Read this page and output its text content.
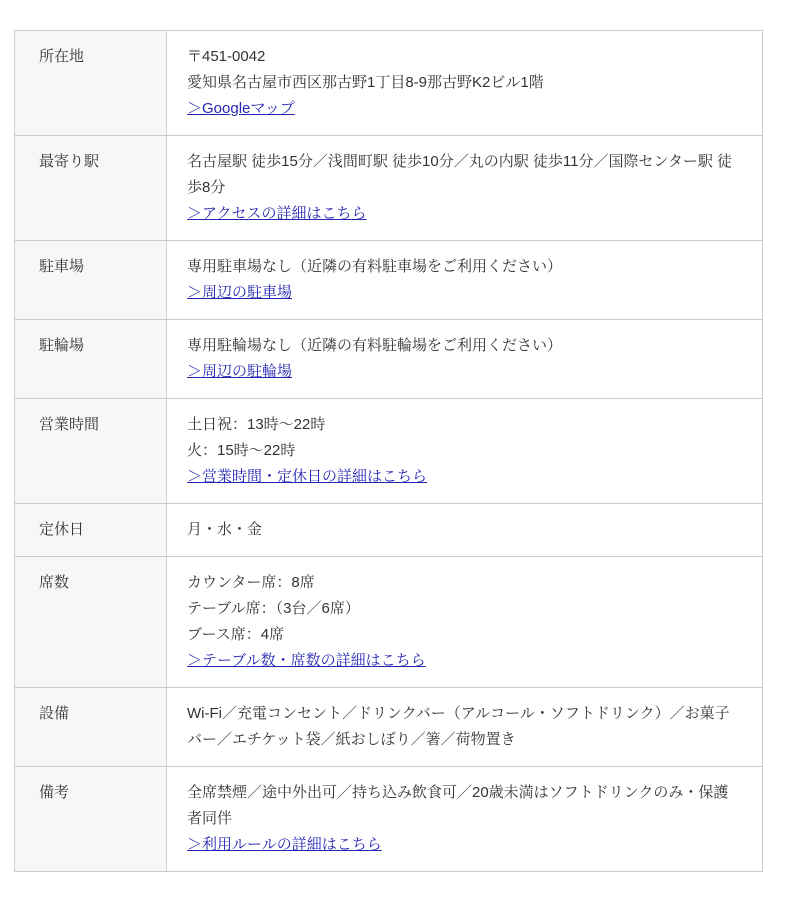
所在地	〒451-0042
愛知県名古屋市西区那古野1丁目8-9那古野K2ビル1階
＞Googleマップ

最寄り駅	名古屋駅 徒歩15分／浅間町駅 徒歩10分／丸の内駅 徒歩11分／国際センター駅 徒歩8分
＞アクセスの詳細はこちら

駐車場	専用駐車場なし（近隣の有料駐車場をご利用ください）
＞周辺の駐車場

駐輪場	専用駐輪場なし（近隣の有料駐輪場をご利用ください）
＞周辺の駐輪場

営業時間	土日祝：13時～22時
火：15時～22時
＞営業時間・定休日の詳細はこちら

定休日	月・水・金

席数	カウンター席：8席
テーブル席：（3台／6席）
ブース席：4席
＞テーブル数・席数の詳細はこちら

設備	Wi-Fi／充電コンセント／ドリンクバー（アルコール・ソフトドリンク）／お菓子バー／エチケット袋／紙おしぼり／箸／荷物置き

備考	全席禁煙／途中外出可／持ち込み飲食可／20歳未満はソフトドリンクのみ・保護者同伴
＞利用ルールの詳細はこちら
